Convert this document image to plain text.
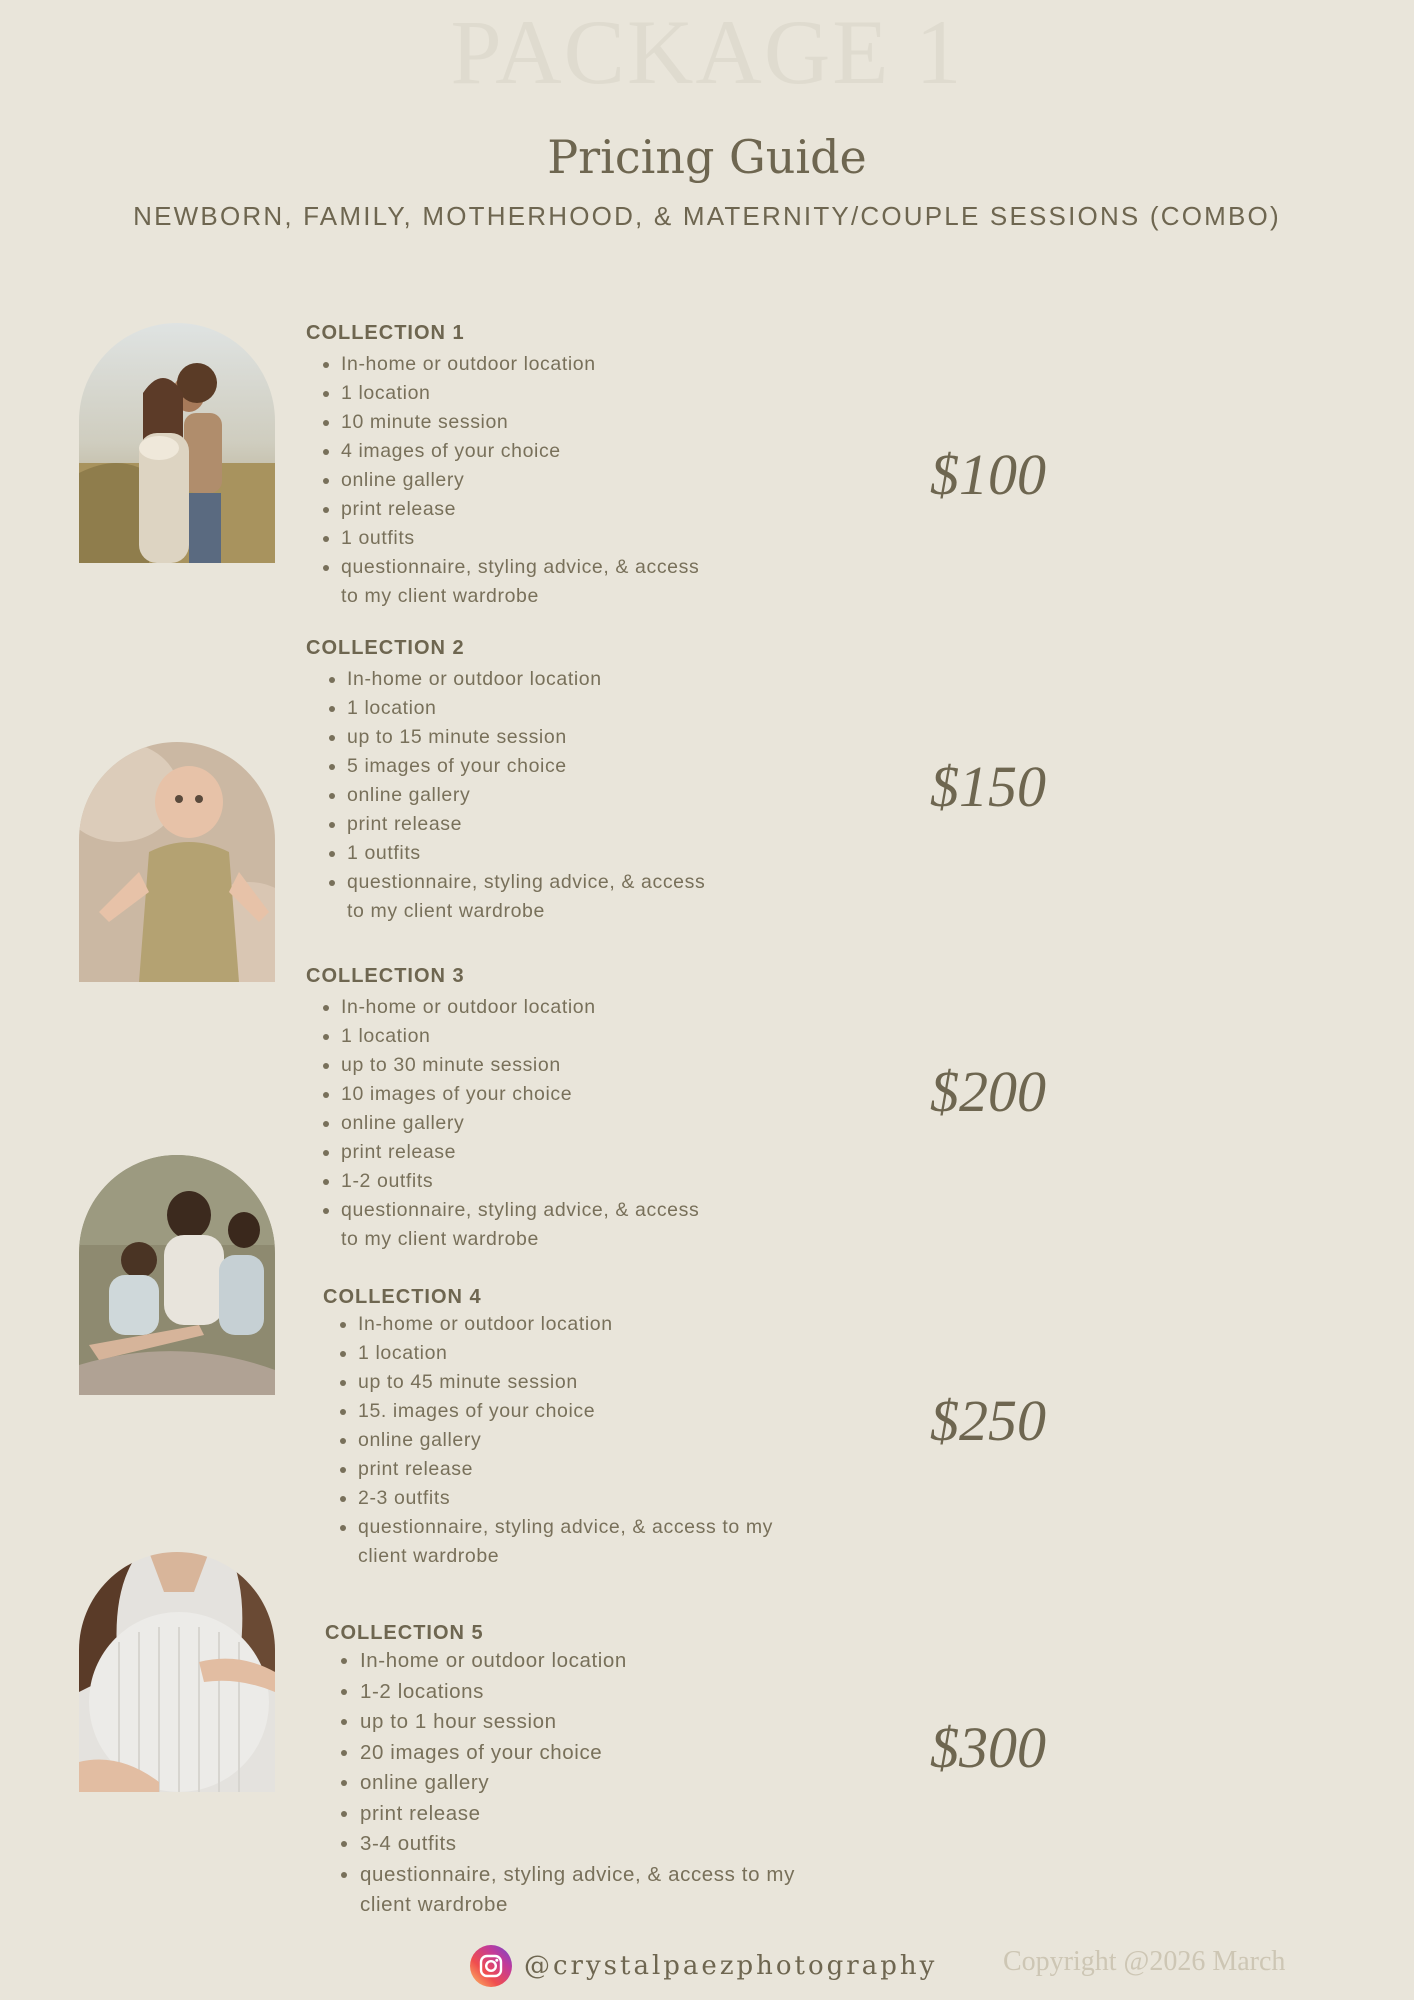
PACKAGE 1
Pricing Guide
NEWBORN, FAMILY, MOTHERHOOD, & MATERNITY/COUPLE SESSIONS (COMBO)
COLLECTION 1
• In-home or outdoor location
• 1 location
• 10 minute session
• 4 images of your choice
• online gallery
• print release
• 1 outfits
• questionnaire, styling advice, & access to my client wardrobe
COLLECTION 2
• In-home or outdoor location
• 1 location
• up to 15 minute session
• 5 images of your choice
• online gallery
• print release
• 1 outfits
• questionnaire, styling advice, & access to my client wardrobe
COLLECTION 3
• In-home or outdoor location
• 1 location
• up to 30 minute session
• 10 images of your choice
• online gallery
• print release
• 1-2 outfits
• questionnaire, styling advice, & access to my client wardrobe
COLLECTION 4
• In-home or outdoor location
• 1 location
• up to 45 minute session
• 15. images of your choice
• online gallery
• print release
• 2-3 outfits
• questionnaire, styling advice, & access to my client wardrobe
COLLECTION 5
• In-home or outdoor location
• 1-2 locations
• up to 1 hour session
• 20 images of your choice
• online gallery
• print release
• 3-4 outfits
• questionnaire, styling advice, & access to my client wardrobe
$100
$150
$200
$250
$300
@crystalpaezphotography Copyright @2026 March
